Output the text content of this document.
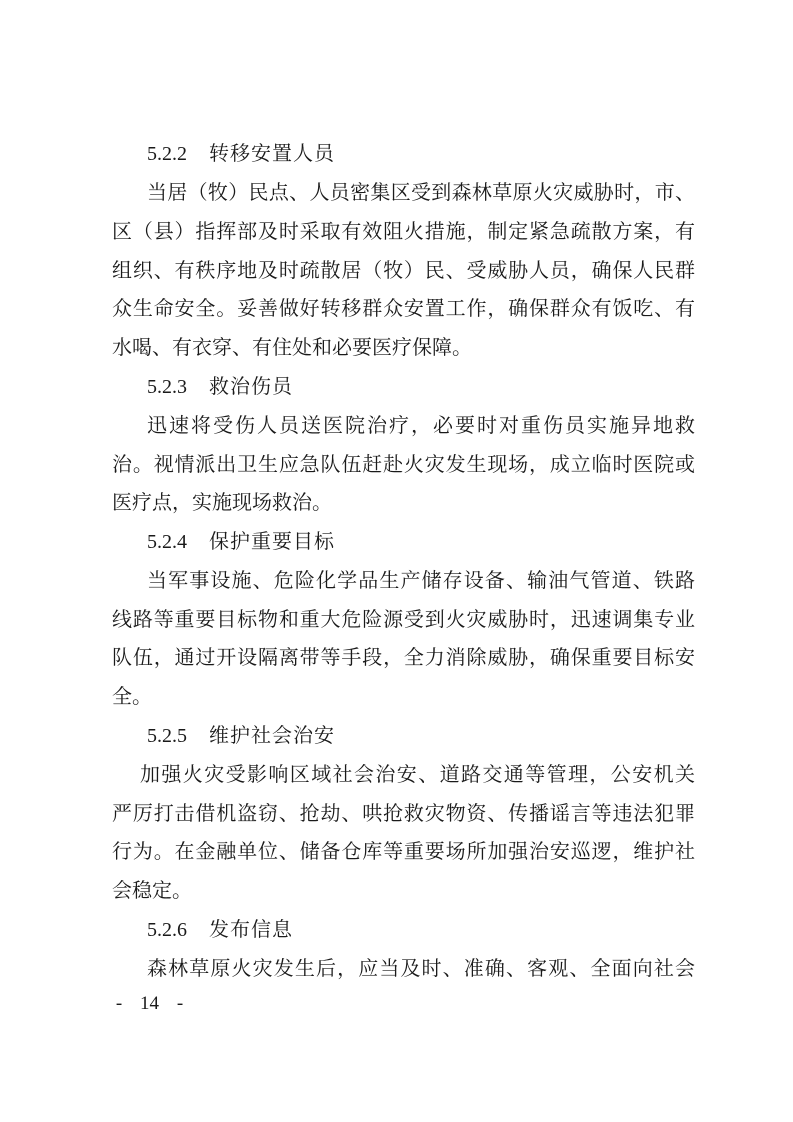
5.2.2 转移安置人员
当居（牧）民点、人员密集区受到森林草原火灾威胁时，市、
区（县）指挥部及时采取有效阻火措施，制定紧急疏散方案，有
组织、有秩序地及时疏散居（牧）民、受威胁人员，确保人民群
众生命安全。妥善做好转移群众安置工作，确保群众有饭吃、有
水喝、有衣穿、有住处和必要医疗保障。
5.2.3 救治伤员
迅速将受伤人员送医院治疗，必要时对重伤员实施异地救
治。视情派出卫生应急队伍赶赴火灾发生现场，成立临时医院或
医疗点，实施现场救治。
5.2.4 保护重要目标
当军事设施、危险化学品生产储存设备、输油气管道、铁路
线路等重要目标物和重大危险源受到火灾威胁时，迅速调集专业
队伍，通过开设隔离带等手段，全力消除威胁，确保重要目标安
全。
5.2.5 维护社会治安
加强火灾受影响区域社会治安、道路交通等管理，公安机关
严厉打击借机盗窃、抢劫、哄抢救灾物资、传播谣言等违法犯罪
行为。在金融单位、储备仓库等重要场所加强治安巡逻，维护社
会稳定。
5.2.6 发布信息
森林草原火灾发生后，应当及时、准确、客观、全面向社会
- 14 -
